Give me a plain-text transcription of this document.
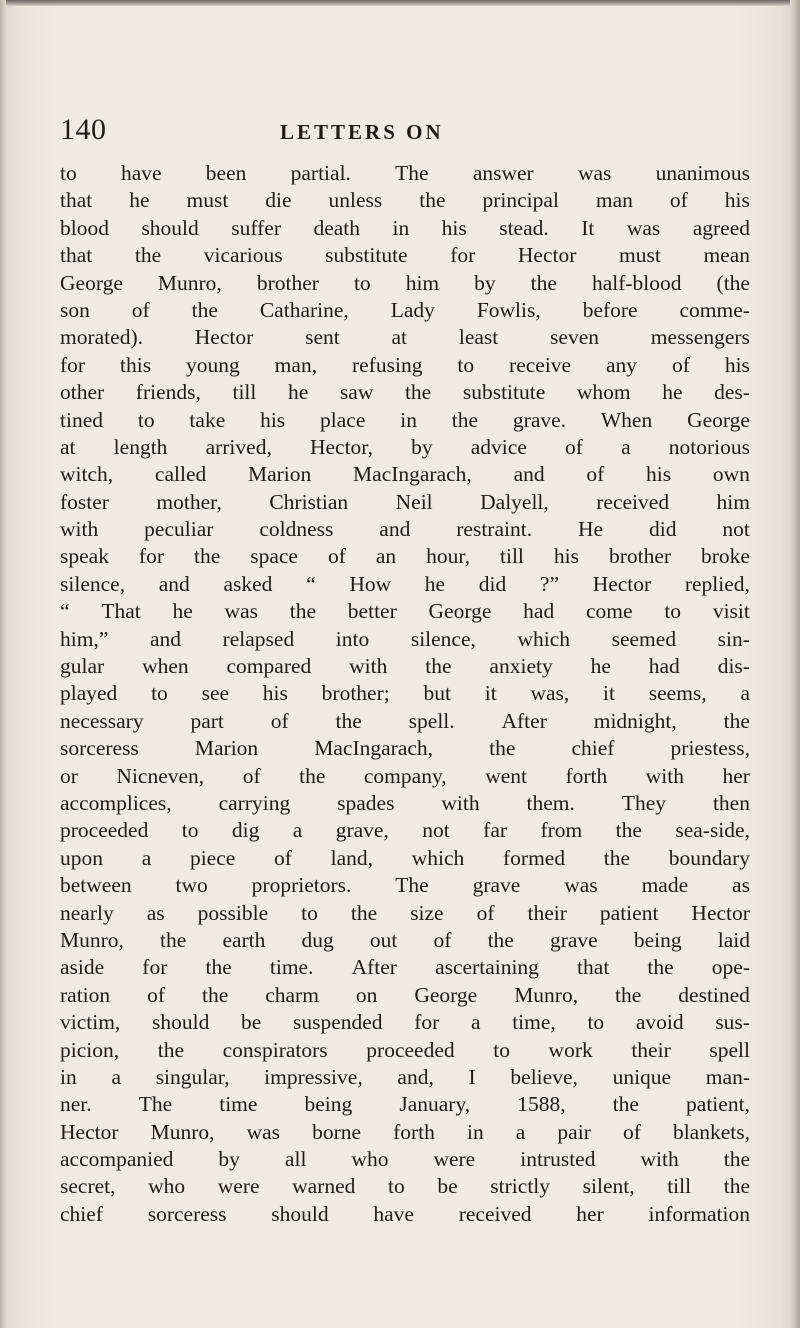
140	LETTERS ON
to have been partial. The answer was unanimous
that he must die unless the principal man of his
blood should suffer death in his stead. It was agreed
that the vicarious substitute for Hector must mean
George Munro, brother to him by the half-blood (the
son of the Catharine, Lady Fowlis, before comme-
morated). Hector sent at least seven messengers
for this young man, refusing to receive any of his
other friends, till he saw the substitute whom he des-
tined to take his place in the grave. When George
at length arrived, Hector, by advice of a notorious
witch, called Marion MacIngarach, and of his own
foster mother, Christian Neil Dalyell, received him
with peculiar coldness and restraint. He did not
speak for the space of an hour, till his brother broke
silence, and asked “ How he did ?” Hector replied,
“ That he was the better George had come to visit
him,” and relapsed into silence, which seemed sin-
gular when compared with the anxiety he had dis-
played to see his brother; but it was, it seems, a
necessary part of the spell. After midnight, the
sorceress	Marion	MacIngarach,	the	chief	priestess,
or Nicneven, of the company, went forth with her
accomplices, carrying spades with them. They then
proceeded to dig a grave, not far from the sea-side,
upon a piece of land, which formed the boundary
between two proprietors. The grave was made as
nearly as possible to the size of their patient Hector
Munro, the earth dug out of the grave being laid
aside for the time. After ascertaining that the ope-
ration of the charm on George Munro, the destined
victim, should be suspended for a time, to avoid sus-
picion, the conspirators proceeded to work their spell
in a singular, impressive, and, I believe, unique man-
ner. The time being January, 1588, the patient,
Hector Munro, was borne forth in a pair of blankets,
accompanied by all who were intrusted with the
secret, who were warned to be strictly silent, till the
chief sorceress should have received her information
